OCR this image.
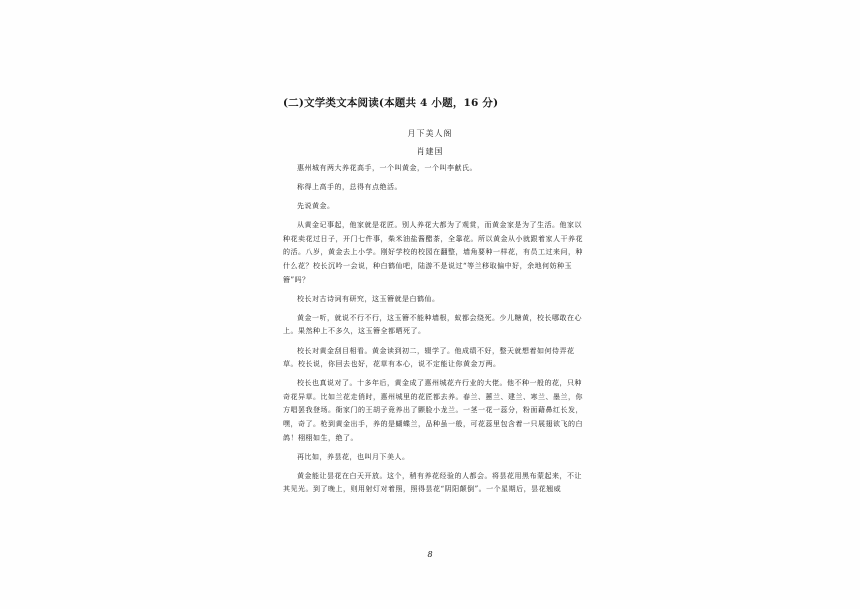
(二)文学类文本阅读(本题共 4 小题，16 分)
月下美人阁
肖建国

惠州城有两大养花高手，一个叫黄金，一个叫李献氏。

称得上高手的，总得有点绝活。

先说黄金。

从黄金记事起，他家就是花匠。别人养花大都为了观赏，而黄金家是为了生活。他家以种花卖花过日子，开门七件事，柴米油盐酱醋茶，全靠花。所以黄金从小就跟着家人干养花的活。八岁，黄金去上小学。刚好学校的校园在翻整，墙角要种一样花，有员工过来问，种什么花？校长沉吟一会说，种白鹤仙吧，陆游不是说过“等兰移取偏中好，余地何妨种玉簪”吗？

校长对古诗词有研究，这玉簪就是白鹤仙。

黄金一听，就说不行不行，这玉簪不能种墙根，蚁都会绕死。少儿糖黄，校长哪敢在心上。果然种上不多久，这玉簪全都晒死了。

校长对黄金刮目相看。黄金读到初二，辍学了。他成绩不好，整天就想着如何侍弄花草。校长说，你回去也好，花草有本心，说不定能让你黄金万两。

校长也真说对了。十多年后，黄金成了惠州城花卉行业的大佬。他不种一般的花，只种奇花异草。比如兰花走俏时，惠州城里的花匠都去养。春兰、蕙兰、建兰、寒兰、墨兰，你方唱罢我登场。衙家门的王胡子竟养出了颤脸小龙兰。一茎一花一蕊分，粉面藉鼻红长发，嘿，奇了。枪到黄金出手，养的是蝴蝶兰，品种虽一般，可花蕊里包含着一只展翅欲飞的白鸽！栩栩如生，绝了。

再比如，养昙花，也叫月下美人。

黄金能让昙花在白天开放。这个，稍有养花经验的人都会。将昙花用黑布蒙起来，不让其见光。到了晚上，则用射灯对着照，照得昙花“阴阳颠倒”。一个星期后，昙花翘威

8
